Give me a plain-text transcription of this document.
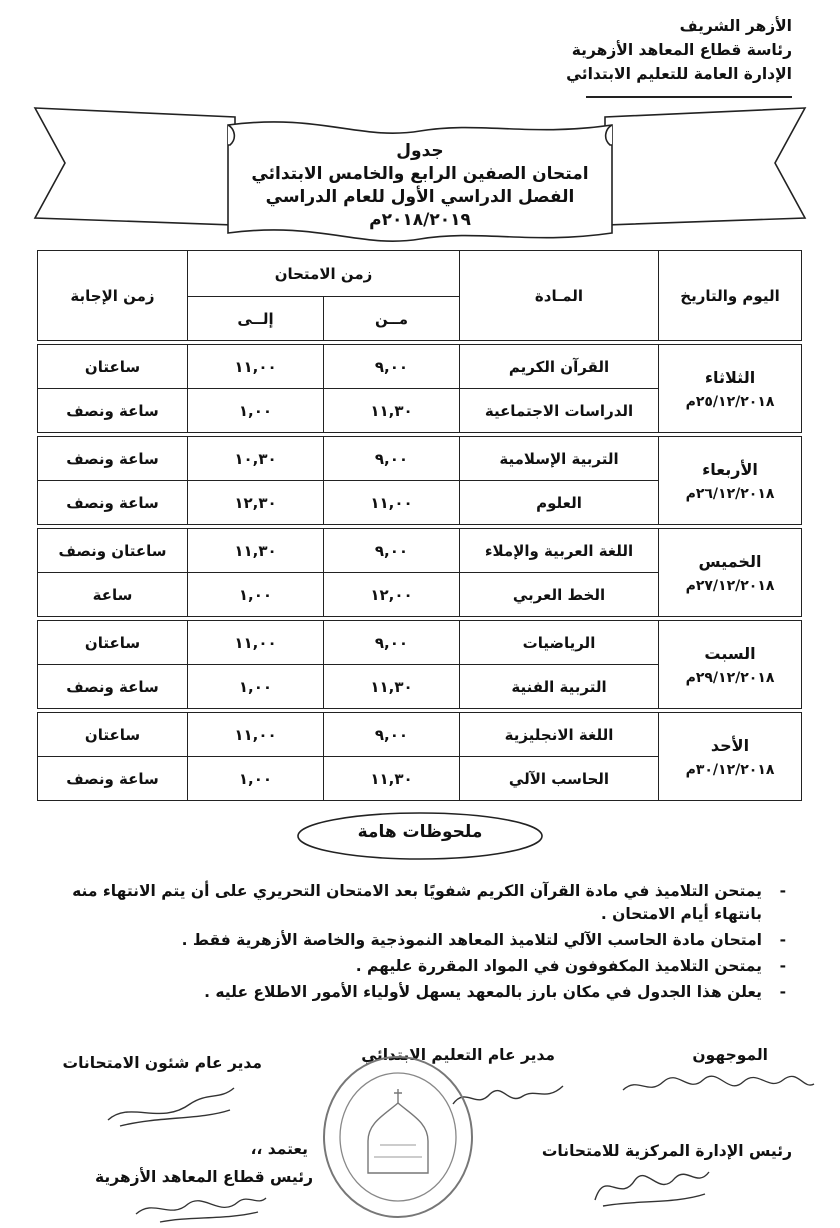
الأزهر الشريف
رئاسة قطاع المعاهد الأزهرية
الإدارة العامة للتعليم الابتدائي
جدول
امتحان الصفين الرابع والخامس الابتدائي
الفصل الدراسي الأول للعام الدراسي
٢٠١٨/٢٠١٩م
اليوم والتاريخ	المـادة	زمن الامتحان		زمن الإجابة
		مــن	إلــى	

الثلاثاء
٢٥/١٢/٢٠١٨م	القرآن الكريم	٩,٠٠	١١,٠٠	ساعتان
	الدراسات الاجتماعية	١١,٣٠	١,٠٠	ساعة ونصف

الأربعاء
٢٦/١٢/٢٠١٨م	التربية الإسلامية	٩,٠٠	١٠,٣٠	ساعة ونصف
	العلوم	١١,٠٠	١٢,٣٠	ساعة ونصف

الخميس
٢٧/١٢/٢٠١٨م	اللغة العربية والإملاء	٩,٠٠	١١,٣٠	ساعتان ونصف
	الخط العربي	١٢,٠٠	١,٠٠	ساعة

السبت
٢٩/١٢/٢٠١٨م	الرياضيات	٩,٠٠	١١,٠٠	ساعتان
	التربية الفنية	١١,٣٠	١,٠٠	ساعة ونصف

الأحد
٣٠/١٢/٢٠١٨م	اللغة الانجليزية	٩,٠٠	١١,٠٠	ساعتان
	الحاسب الآلي	١١,٣٠	١,٠٠	ساعة ونصف
ملحوظات هامة
-
يمتحن التلاميذ في مادة القرآن الكريم شفويًا بعد الامتحان التحريري على أن يتم الانتهاء منه بانتهاء أيام الامتحان .
-
امتحان مادة الحاسب الآلي لتلاميذ المعاهد النموذجية والخاصة الأزهرية فقط .
-
يمتحن التلاميذ المكفوفون في المواد المقررة عليهم .
-
يعلن هذا الجدول في مكان بارز بالمعهد يسهل لأولياء الأمور الاطلاع عليه .
الموجهون
مدير عام التعليم الابتدائي
مدير عام شئون الامتحانات
رئيس الإدارة المركزية للامتحانات
يعتمد ،،
رئيس قطاع المعاهد الأزهرية
